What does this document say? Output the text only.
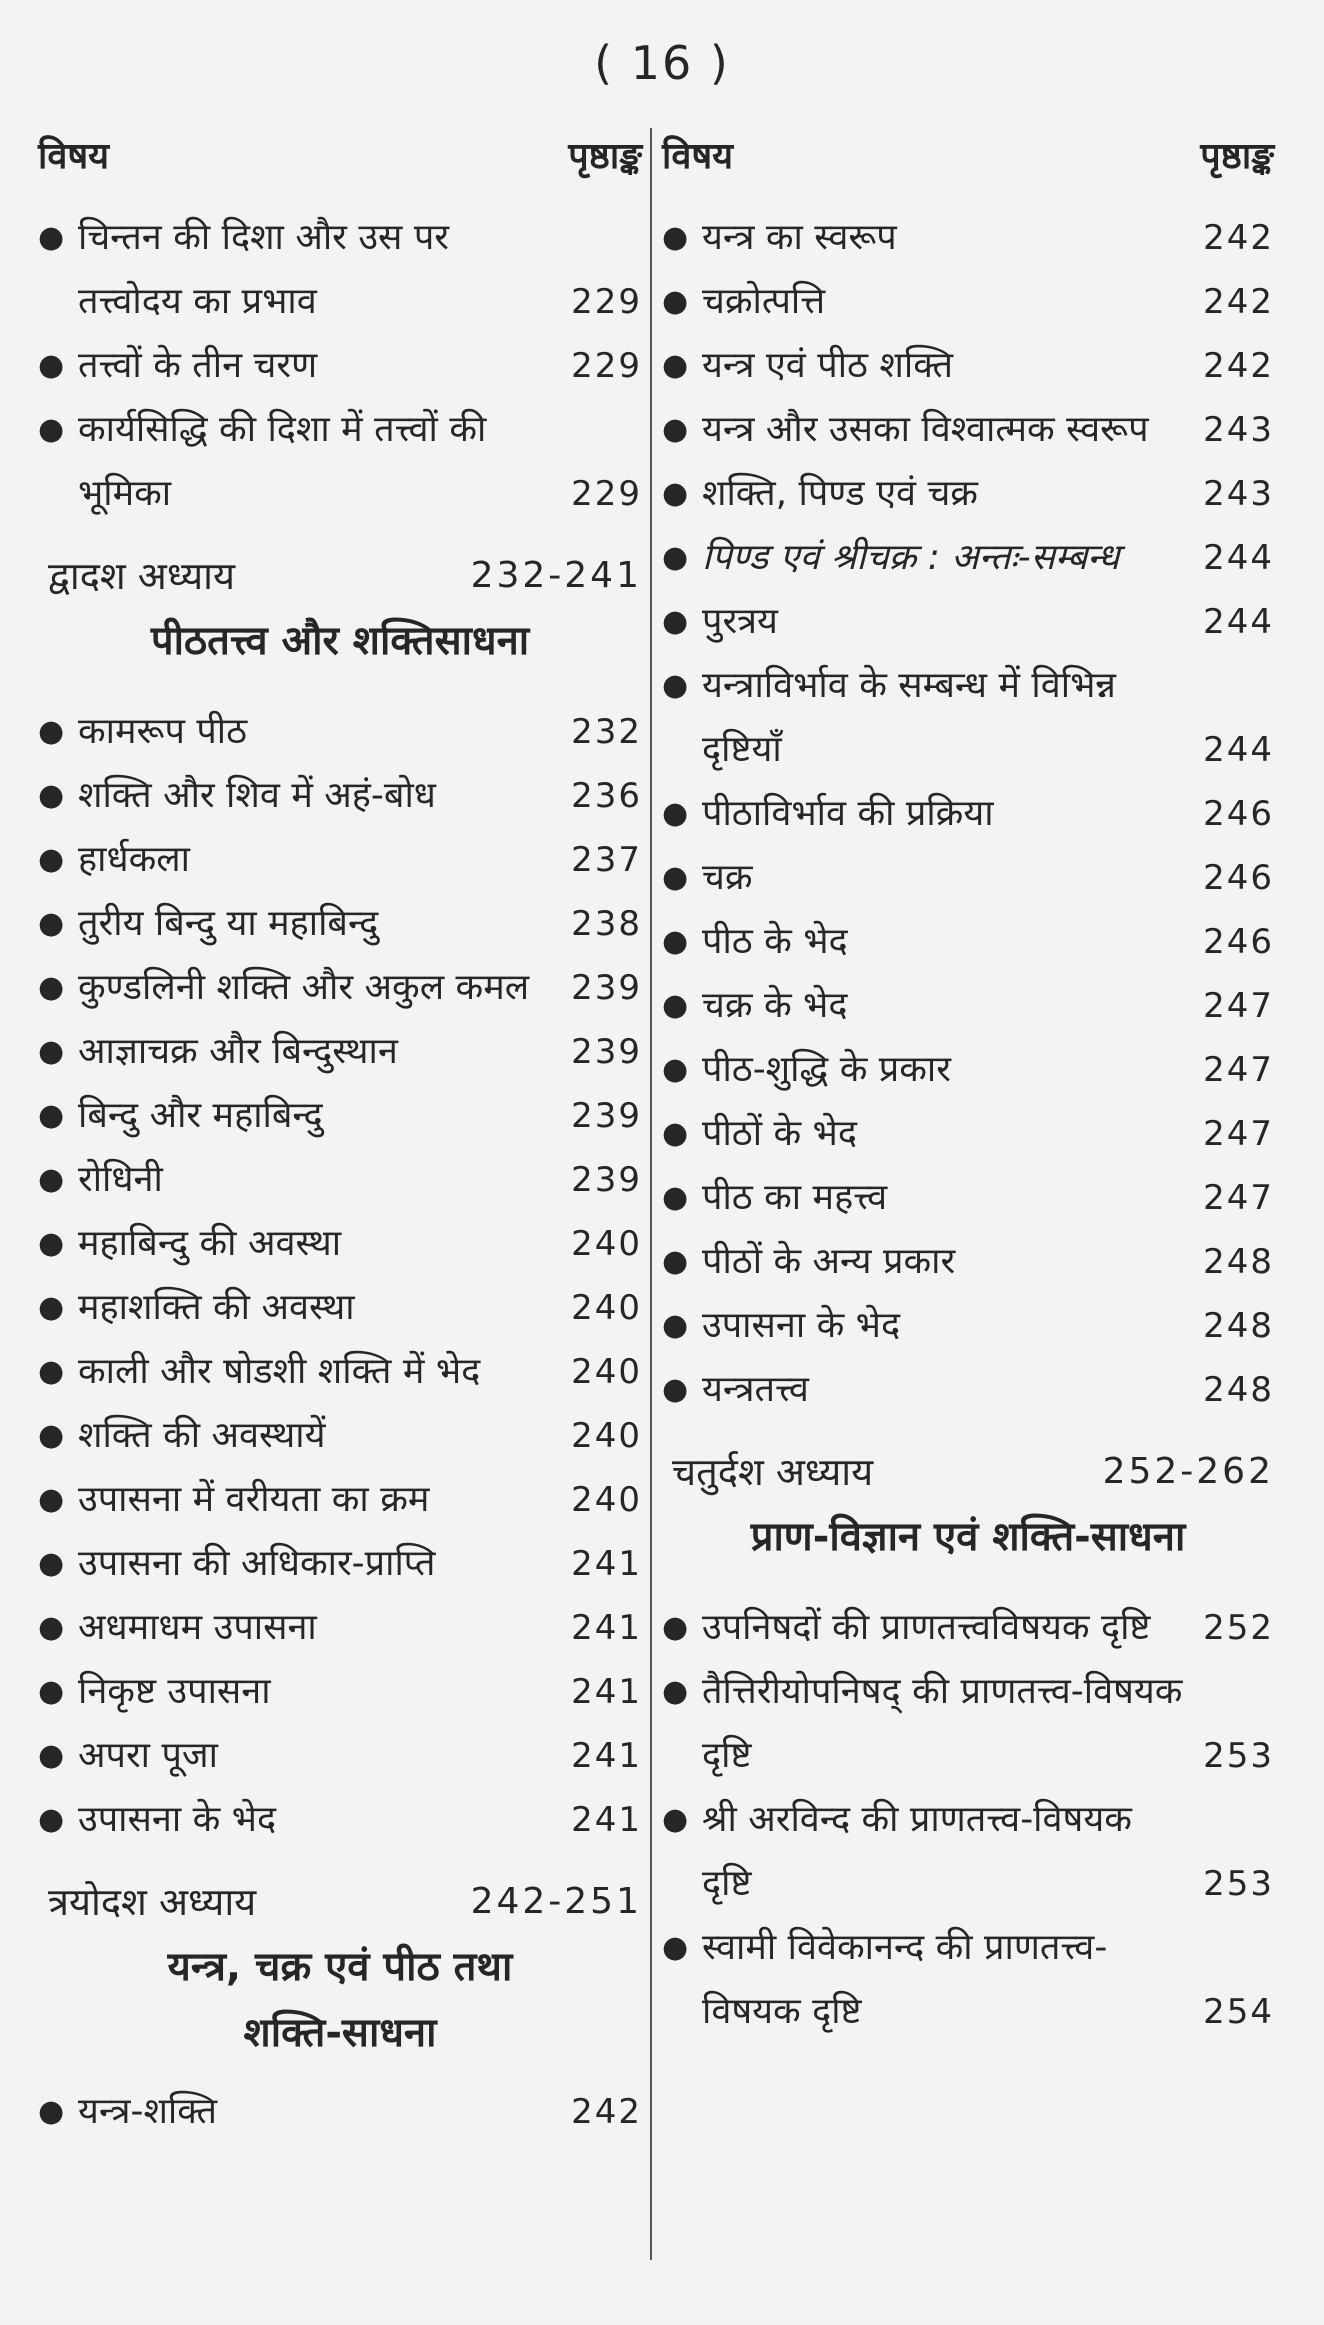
( 16 )
विषय	पृष्ठाङ्क
● चिन्तन की दिशा और उस पर तत्त्वोदय का प्रभाव	229
● तत्त्वों के तीन चरण	229
● कार्यसिद्धि की दिशा में तत्त्वों की भूमिका	229
द्वादश अध्याय	232-241
पीठतत्त्व और शक्तिसाधना
● कामरूप पीठ	232
● शक्ति और शिव में अहं-बोध	236
● हार्धकला	237
● तुरीय बिन्दु या महाबिन्दु	238
● कुण्डलिनी शक्ति और अकुल कमल	239
● आज्ञाचक्र और बिन्दुस्थान	239
● बिन्दु और महाबिन्दु	239
● रोधिनी	239
● महाबिन्दु की अवस्था	240
● महाशक्ति की अवस्था	240
● काली और षोडशी शक्ति में भेद	240
● शक्ति की अवस्थायें	240
● उपासना में वरीयता का क्रम	240
● उपासना की अधिकार-प्राप्ति	241
● अधमाधम उपासना	241
● निकृष्ट उपासना	241
● अपरा पूजा	241
● उपासना के भेद	241
त्रयोदश अध्याय	242-251
यन्त्र, चक्र एवं पीठ तथा
शक्ति-साधना
● यन्त्र-शक्ति	242
विषय	पृष्ठाङ्क
● यन्त्र का स्वरूप	242
● चक्रोत्पत्ति	242
● यन्त्र एवं पीठ शक्ति	242
● यन्त्र और उसका विश्वात्मक स्वरूप	243
● शक्ति, पिण्ड एवं चक्र	243
● पिण्ड एवं श्रीचक्र : अन्तः-सम्बन्ध	244
● पुरत्रय	244
● यन्त्राविर्भाव के सम्बन्ध में विभिन्न दृष्टियाँ	244
● पीठाविर्भाव की प्रक्रिया	246
● चक्र	246
● पीठ के भेद	246
● चक्र के भेद	247
● पीठ-शुद्धि के प्रकार	247
● पीठों के भेद	247
● पीठ का महत्त्व	247
● पीठों के अन्य प्रकार	248
● उपासना के भेद	248
● यन्त्रतत्त्व	248
चतुर्दश अध्याय	252-262
प्राण-विज्ञान एवं शक्ति-साधना
● उपनिषदों की प्राणतत्त्वविषयक दृष्टि	252
● तैत्तिरीयोपनिषद् की प्राणतत्त्व-विषयक दृष्टि	253
● श्री अरविन्द की प्राणतत्त्व-विषयक दृष्टि	253
● स्वामी विवेकानन्द की प्राणतत्त्व-विषयक दृष्टि	254
